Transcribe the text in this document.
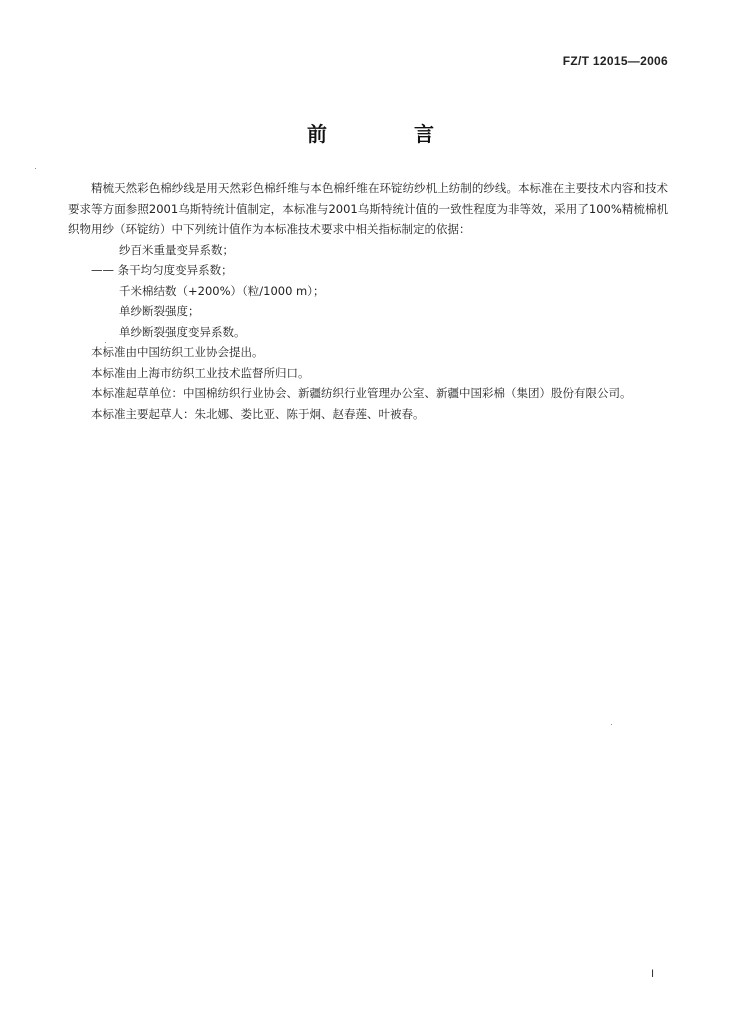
FZ/T 12015—2006
前 言

精梳天然彩色棉纱线是用天然彩色棉纤维与本色棉纤维在环锭纺纱机上纺制的纱线。本标准在主要技术内容和技术要求等方面参照2001乌斯特统计值制定，本标准与2001乌斯特统计值的一致性程度为非等效，采用了100%精梳棉机织物用纱（环锭纺）中下列统计值作为本标准技术要求中相关指标制定的依据：

纱百米重量变异系数；

—— 条干均匀度变异系数；

千米棉结数（+200%）（粒/1000 m）；

单纱断裂强度；

单纱断裂强度变异系数。

本标准由中国纺织工业协会提出。

本标准由上海市纺织工业技术监督所归口。

本标准起草单位：中国棉纺织行业协会、新疆纺织行业管理办公室、新疆中国彩棉（集团）股份有限公司。

本标准主要起草人：朱北娜、娄比亚、陈于炯、赵春莲、叶被春。

I
